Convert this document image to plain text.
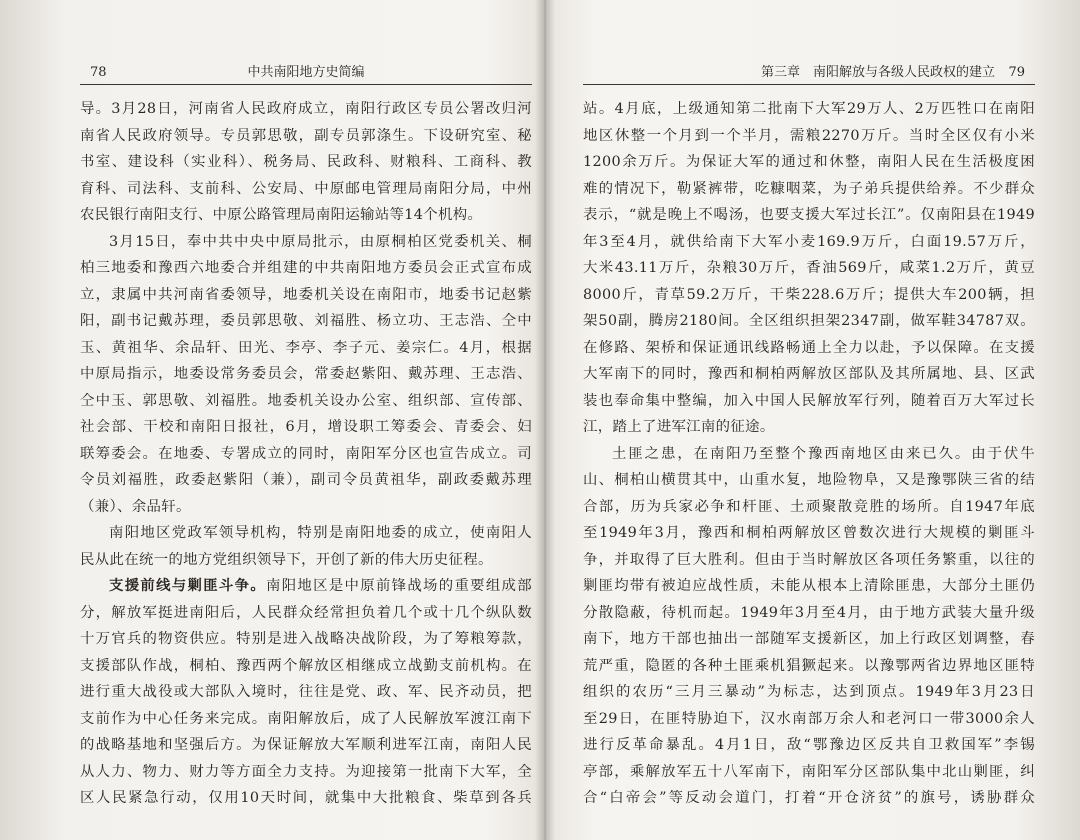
78	中共南阳地方史简编
导。3月28日，河南省人民政府成立，南阳行政区专员公署改归河
南省人民政府领导。专员郭思敬，副专员郭涤生。下设研究室、秘
书室、建设科（实业科）、税务局、民政科、财粮科、工商科、教
育科、司法科、支前科、公安局、中原邮电管理局南阳分局，中州
农民银行南阳支行、中原公路管理局南阳运输站等14个机构。
3月15日，奉中共中央中原局批示，由原桐柏区党委机关、桐
柏三地委和豫西六地委合并组建的中共南阳地方委员会正式宣布成
立，隶属中共河南省委领导，地委机关设在南阳市，地委书记赵紫
阳，副书记戴苏理，委员郭思敬、刘福胜、杨立功、王志浩、仝中
玉、黄祖华、余品轩、田光、李亭、李子元、姜宗仁。4月，根据
中原局指示，地委设常务委员会，常委赵紫阳、戴苏理、王志浩、
仝中玉、郭思敬、刘福胜。地委机关设办公室、组织部、宣传部、
社会部、干校和南阳日报社，6月，增设职工筹委会、青委会、妇
联筹委会。在地委、专署成立的同时，南阳军分区也宣告成立。司
令员刘福胜，政委赵紫阳（兼），副司令员黄祖华，副政委戴苏理
（兼）、余品轩。
南阳地区党政军领导机构，特别是南阳地委的成立，使南阳人
民从此在统一的地方党组织领导下，开创了新的伟大历史征程。
支援前线与剿匪斗争。南阳地区是中原前锋战场的重要组成部
分，解放军挺进南阳后，人民群众经常担负着几个或十几个纵队数
十万官兵的物资供应。特别是进入战略决战阶段，为了筹粮筹款，
支援部队作战，桐柏、豫西两个解放区相继成立战勤支前机构。在
进行重大战役或大部队入境时，往往是党、政、军、民齐动员，把
支前作为中心任务来完成。南阳解放后，成了人民解放军渡江南下
的战略基地和坚强后方。为保证解放大军顺利进军江南，南阳人民
从人力、物力、财力等方面全力支持。为迎接第一批南下大军，全
区人民紧急行动，仅用10天时间，就集中大批粮食、柴草到各兵
第三章　南阳解放与各级人民政权的建立 79
站。4月底，上级通知第二批南下大军29万人、2万匹牲口在南阳
地区休整一个月到一个半月，需粮2270万斤。当时全区仅有小米
1200余万斤。为保证大军的通过和休整，南阳人民在生活极度困
难的情况下，勒紧裤带，吃糠咽菜，为子弟兵提供给养。不少群众
表示，“就是晚上不喝汤，也要支援大军过长江”。仅南阳县在1949
年3至4月，就供给南下大军小麦169.9万斤，白面19.57万斤，
大米43.11万斤，杂粮30万斤，香油569斤，咸菜1.2万斤，黄豆
8000斤，青草59.2万斤，干柴228.6万斤；提供大车200辆，担
架50副，腾房2180间。全区组织担架2347副，做军鞋34787双。
在修路、架桥和保证通讯线路畅通上全力以赴，予以保障。在支援
大军南下的同时，豫西和桐柏两解放区部队及其所属地、县、区武
装也奉命集中整编，加入中国人民解放军行列，随着百万大军过长
江，踏上了进军江南的征途。
土匪之患，在南阳乃至整个豫西南地区由来已久。由于伏牛
山、桐柏山横贯其中，山重水复，地险物阜，又是豫鄂陕三省的结
合部，历为兵家必争和杆匪、土顽聚散竞胜的场所。自1947年底
至1949年3月，豫西和桐柏两解放区曾数次进行大规模的剿匪斗
争，并取得了巨大胜利。但由于当时解放区各项任务繁重，以往的
剿匪均带有被迫应战性质，未能从根本上清除匪患，大部分土匪仍
分散隐蔽，待机而起。1949年3月至4月，由于地方武装大量升级
南下，地方干部也抽出一部随军支援新区，加上行政区划调整，春
荒严重，隐匿的各种土匪乘机猖獗起来。以豫鄂两省边界地区匪特
组织的农历“三月三暴动”为标志，达到顶点。1949年3月23日
至29日，在匪特胁迫下，汉水南部万余人和老河口一带3000余人
进行反革命暴乱。4月1日，敌“鄂豫边区反共自卫救国军”李锡
亭部，乘解放军五十八军南下，南阳军分区部队集中北山剿匪，纠
合“白帝会”等反动会道门，打着“开仓济贫”的旗号，诱胁群众
